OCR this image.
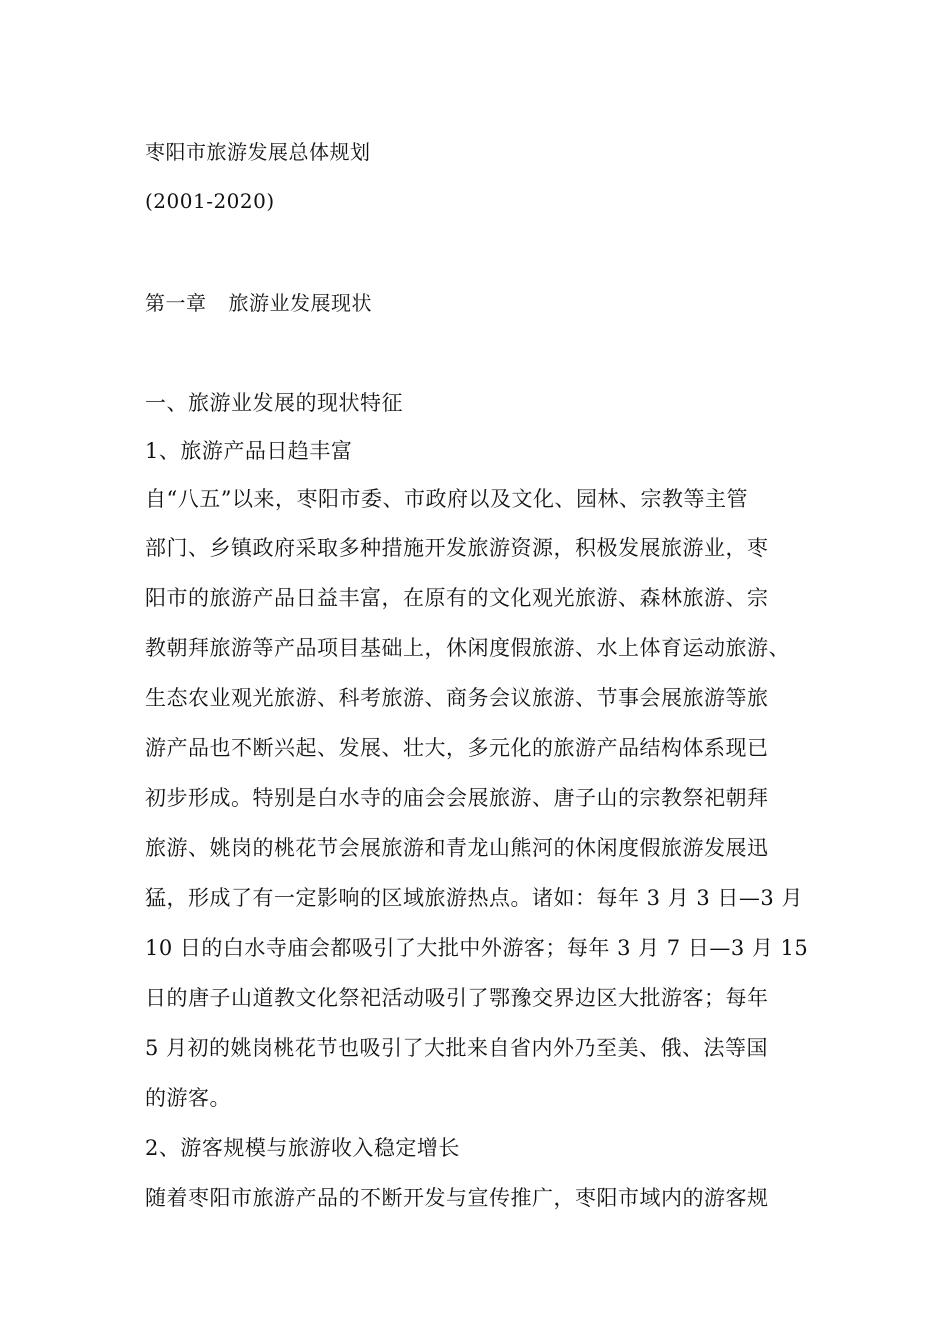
枣阳市旅游发展总体规划
(2001-2020)
第一章 旅游业发展现状
一、旅游业发展的现状特征
1、旅游产品日趋丰富
自“八五”以来，枣阳市委、市政府以及文化、园林、宗教等主管
部门、乡镇政府采取多种措施开发旅游资源，积极发展旅游业，枣
阳市的旅游产品日益丰富，在原有的文化观光旅游、森林旅游、宗
教朝拜旅游等产品项目基础上，休闲度假旅游、水上体育运动旅游、
生态农业观光旅游、科考旅游、商务会议旅游、节事会展旅游等旅
游产品也不断兴起、发展、壮大，多元化的旅游产品结构体系现已
初步形成。特别是白水寺的庙会会展旅游、唐子山的宗教祭祀朝拜
旅游、姚岗的桃花节会展旅游和青龙山熊河的休闲度假旅游发展迅
猛，形成了有一定影响的区域旅游热点。诸如：每年 3 月 3 日—3 月
10 日的白水寺庙会都吸引了大批中外游客；每年 3 月 7 日—3 月 15
日的唐子山道教文化祭祀活动吸引了鄂豫交界边区大批游客；每年
5 月初的姚岗桃花节也吸引了大批来自省内外乃至美、俄、法等国
的游客。
2、游客规模与旅游收入稳定增长
随着枣阳市旅游产品的不断开发与宣传推广，枣阳市域内的游客规
